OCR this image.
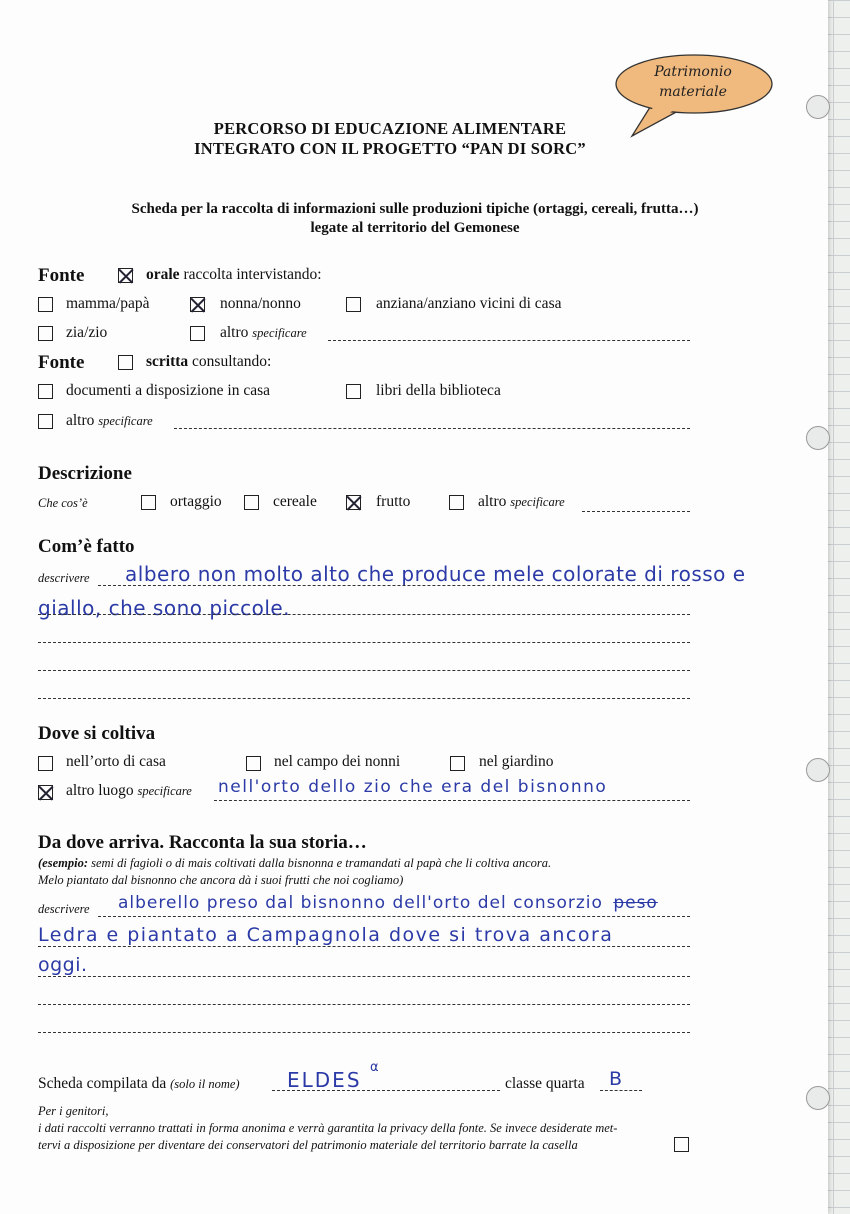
Patrimonio
materiale
PERCORSO DI EDUCAZIONE ALIMENTARE
INTEGRATO CON IL PROGETTO “PAN DI SORC”
Scheda per la raccolta di informazioni sulle produzioni tipiche (ortaggi, cereali, frutta…)
legate al territorio del Gemonese
Fonte	orale raccolta intervistando:
mamma/papà	nonna/nonno	anziana/anziano vicini di casa
zia/zio	altro specificare
Fonte	scritta consultando:
documenti a disposizione in casa	libri della biblioteca
altro specificare
Descrizione
Che cos’è	ortaggio	cereale	frutto	altro specificare
Com’è fatto
descrivere albero non molto alto che produce mele colorate di rosso e
giallo, che sono piccole.
Dove si coltiva
nell’orto di casa	nel campo dei nonni	nel giardino
altro luogo specificare nell'orto dello zio che era del bisnonno
Da dove arriva. Racconta la sua storia…
(esempio: semi di fagioli o di mais coltivati dalla bisnonna e tramandati al papà che li coltiva ancora.
Melo piantato dal bisnonno che ancora dà i suoi frutti che noi cogliamo)
descrivere alberello preso dal bisnonno dell'orto del consorzio peso
Ledra e piantato a Campagnola dove si trova ancora
oggi.
Scheda compilata da (solo il nome) ELDES
α
classe quarta B
Per i genitori,
i dati raccolti verranno trattati in forma anonima e verrà garantita la privacy della fonte. Se invece desiderate met-
tervi a disposizione per diventare dei conservatori del patrimonio materiale del territorio barrate la casella
